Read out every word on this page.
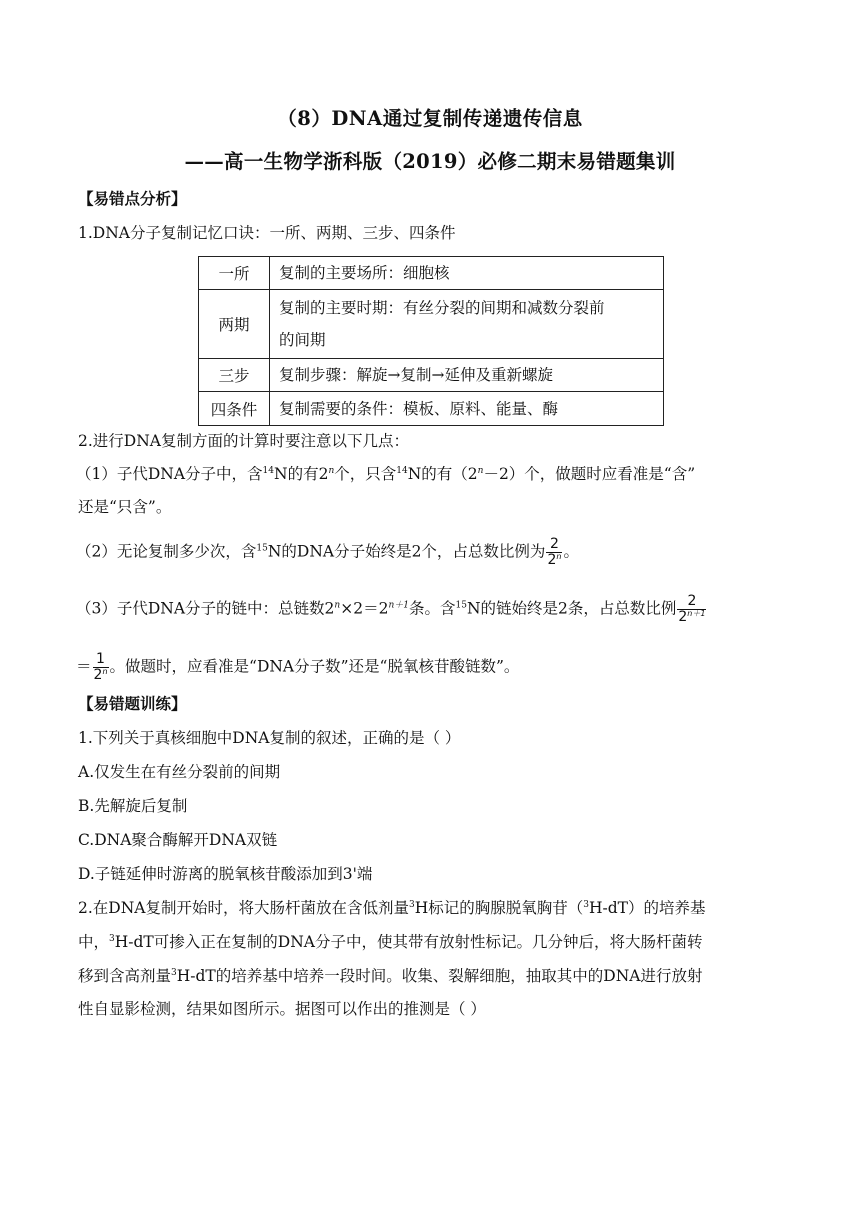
（8）DNA通过复制传递遗传信息
——高一生物学浙科版（2019）必修二期末易错题集训
【易错点分析】
1.DNA分子复制记忆口诀：一所、两期、三步、四条件
一所	复制的主要场所：细胞核
两期	复制的主要时期：有丝分裂的间期和减数分裂前
的间期

三步	复制步骤：解旋→复制→延伸及重新螺旋
四条件	复制需要的条件：模板、原料、能量、酶
2.进行DNA复制方面的计算时要注意以下几点：
（1）子代DNA分子中，含$^{14}$N的有2$^n$个，只含$^{14}$N的有$(2^n-2)$个，做题时应看准是“含”
还是“只含”。
（2）无论复制多少次，含$^{15}$N的DNA分子始终是2个，占总数比例为 $\frac{2}{2^n}$ 。
（3）子代DNA分子的链中：总链数$2^n\times 2=2^{n+1}$条。含$^{15}$N的链始终是2条，占总数比例 $\frac{2}{2^{n+1}}$
＝ $\frac{1}{2^n}$ 。做题时，应看准是“DNA分子数”还是“脱氧核苷酸链数”。
【易错题训练】
1.下列关于真核细胞中DNA复制的叙述，正确的是（ ）
A.仅发生在有丝分裂前的间期
B.先解旋后复制
C.DNA聚合酶解开DNA双链
D.子链延伸时游离的脱氧核苷酸添加到3'端
2.在DNA复制开始时，将大肠杆菌放在含低剂量$^3$H标记的胸腺脱氧胸苷（$^3$H-dT）的培养基
中，$^3$H-dT可掺入正在复制的DNA分子中，使其带有放射性标记。几分钟后，将大肠杆菌转
移到含高剂量$^3$H-dT的培养基中培养一段时间。收集、裂解细胞，抽取其中的DNA进行放射
性自显影检测，结果如图所示。据图可以作出的推测是（ ）
